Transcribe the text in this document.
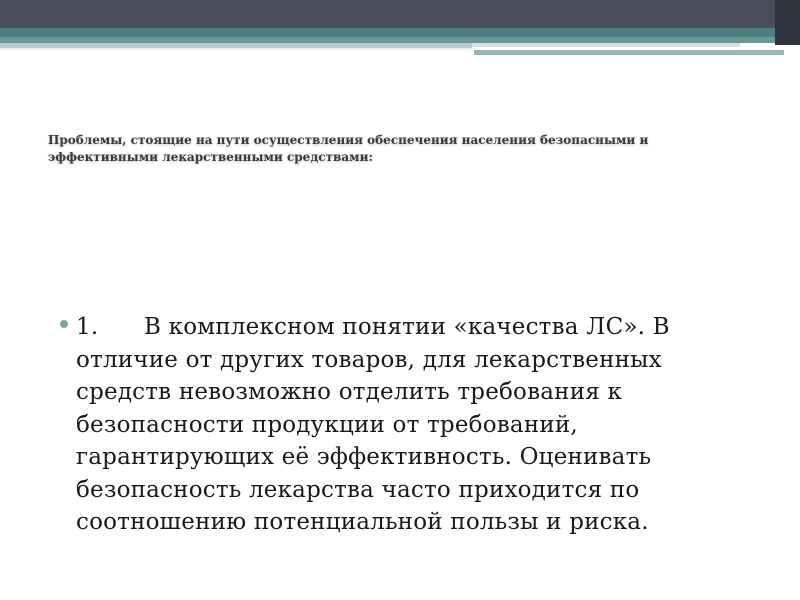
Проблемы, стоящие на пути осуществления обеспечения населения безопасными и эффективными лекарственными средствами:
1. В комплексном понятии «качества ЛС». В отличие от других товаров, для лекарственных средств невозможно отделить требования к безопасности продукции от требований, гарантирующих её эффективность. Оценивать безопасность лекарства часто приходится по соотношению потенциальной пользы и риска.
